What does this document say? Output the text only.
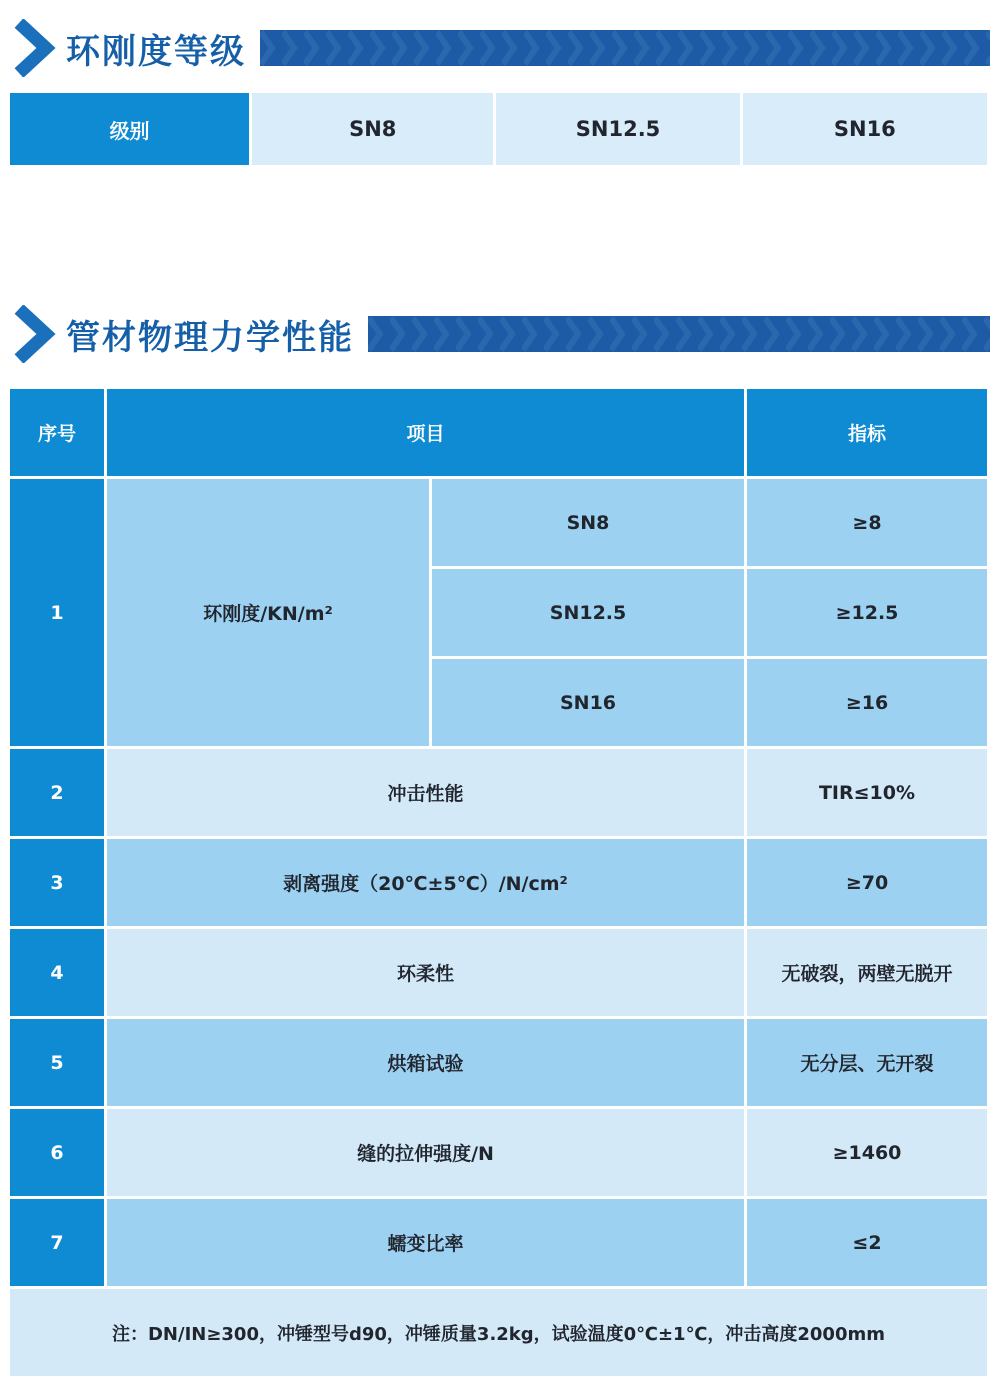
环刚度等级
级别	SN8	SN12.5	SN16
管材物理力学性能
序号	项目		指标
1	环刚度/KN/m²	SN8	≥8
		SN12.5	≥12.5
		SN16	≥16
2	冲击性能		TIR≤10%
3	剥离强度（20℃±5℃）/N/cm²		≥70
4	环柔性		无破裂，两壁无脱开
5	烘箱试验		无分层、无开裂
6	缝的拉伸强度/N		≥1460
7	蠕变比率		≤2
注：DN/IN≥300，冲锤型号d90，冲锤质量3.2kg，试验温度0℃±1℃，冲击高度2000mm			
